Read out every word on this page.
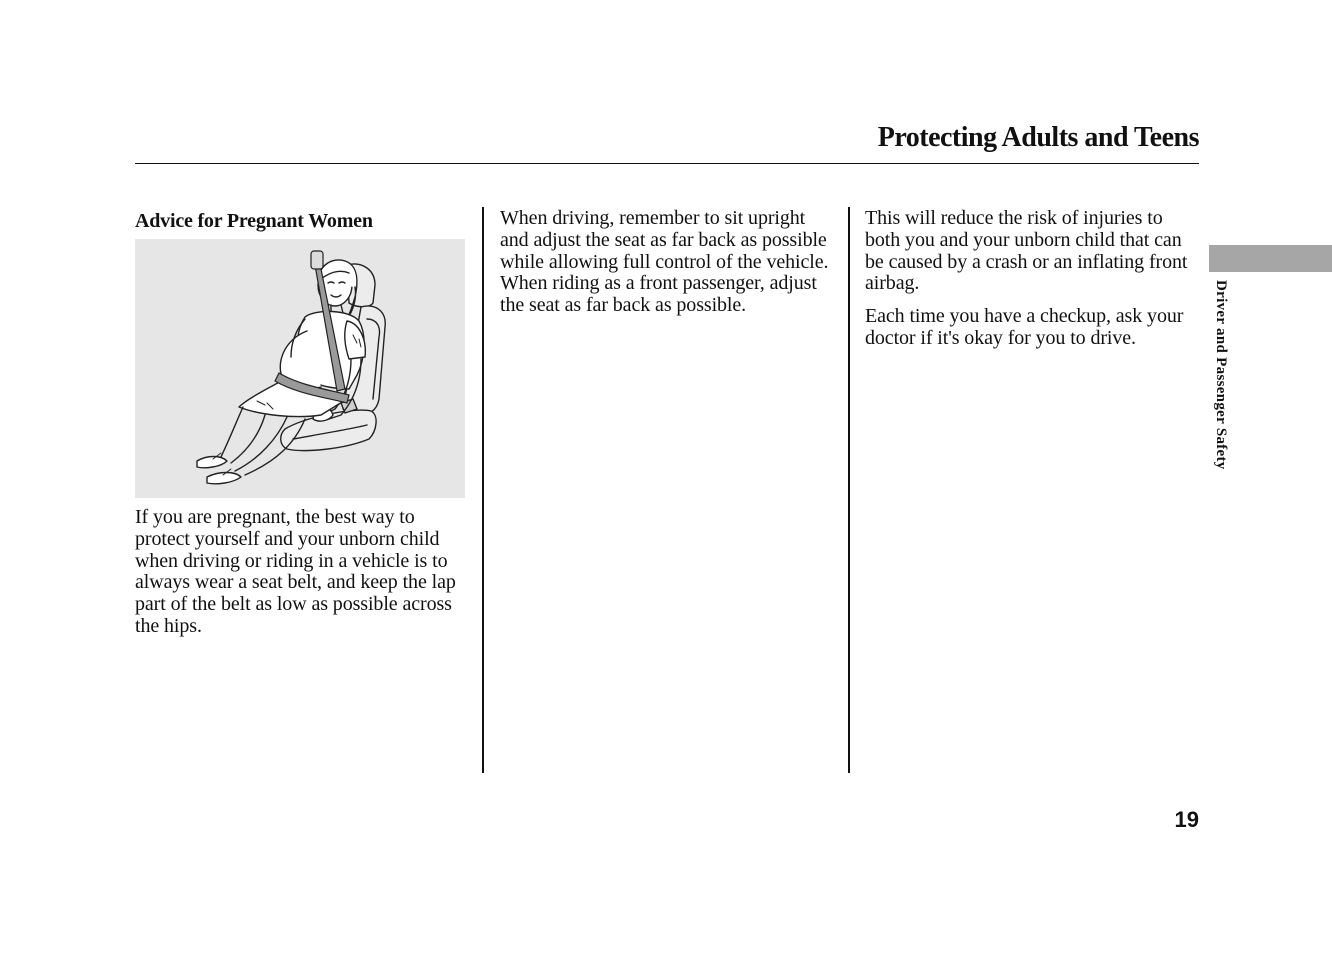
Protecting Adults and Teens
Advice for Pregnant Women

If you are pregnant, the best way to protect yourself and your unborn child when driving or riding in a vehicle is to always wear a seat belt, and keep the lap part of the belt as low as possible across the hips.

When driving, remember to sit upright and adjust the seat as far back as possible while allowing full control of the vehicle. When riding as a front passenger, adjust the seat as far back as possible.

This will reduce the risk of injuries to both you and your unborn child that can be caused by a crash or an inflating front airbag.

Each time you have a checkup, ask your doctor if it's okay for you to drive.	Driver and Passenger Safety
19
